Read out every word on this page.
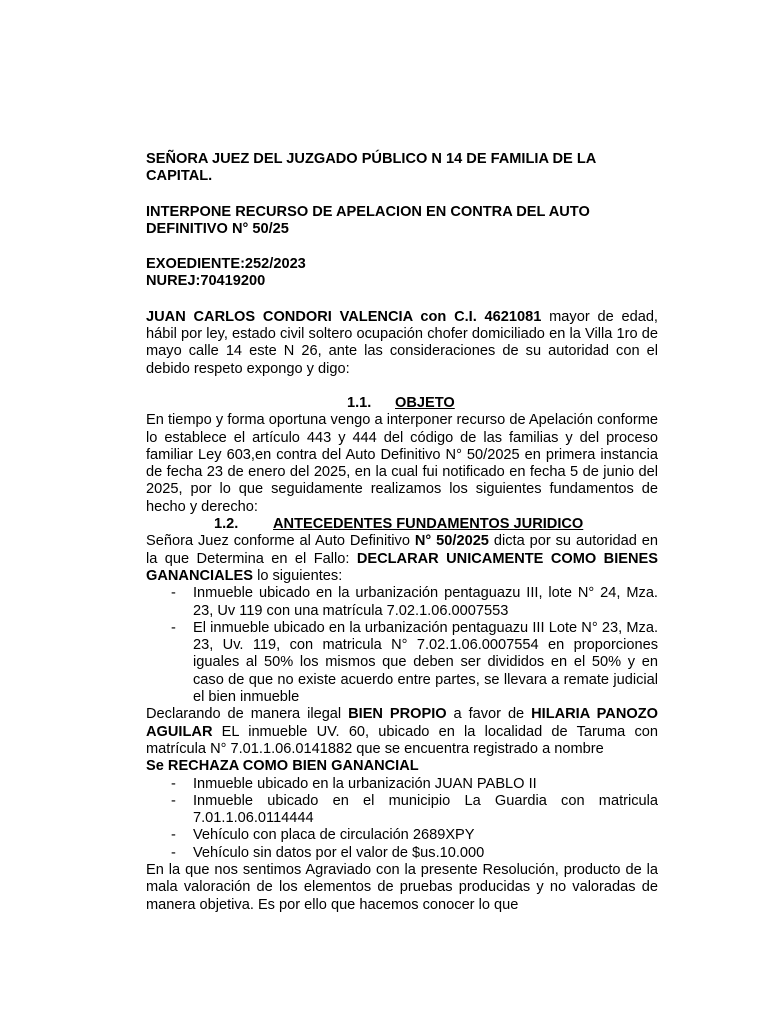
SEÑORA JUEZ DEL JUZGADO PÚBLICO N 14 DE FAMILIA DE LA CAPITAL.

INTERPONE RECURSO DE APELACION EN CONTRA DEL AUTO DEFINITIVO N° 50/25

EXOEDIENTE:252/2023

NUREJ:70419200

JUAN CARLOS CONDORI VALENCIA con C.I. 4621081 mayor de edad, hábil por ley, estado civil soltero ocupación chofer domiciliado en la Villa 1ro de mayo calle 14 este N 26, ante las consideraciones de su autoridad con el debido respeto expongo y digo:

1.1.	OBJETO

En tiempo y forma oportuna vengo a interponer recurso de Apelación conforme lo establece el artículo 443 y 444 del código de las familias y del proceso familiar Ley 603,en contra del Auto Definitivo N° 50/2025 en primera instancia de fecha 23 de enero del 2025, en la cual fui notificado en fecha 5 de junio del 2025, por lo que seguidamente realizamos los siguientes fundamentos de hecho y derecho:

1.2.	ANTECEDENTES FUNDAMENTOS JURIDICO

Señora Juez conforme al Auto Definitivo N° 50/2025 dicta por su autoridad en la que Determina en el Fallo: DECLARAR UNICAMENTE COMO BIENES GANANCIALES lo siguientes:

- Inmueble ubicado en la urbanización pentaguazu III, lote N° 24, Mza. 23, Uv 119 con una matrícula 7.02.1.06.0007553
- El inmueble ubicado en la urbanización pentaguazu III Lote N° 23, Mza. 23, Uv. 119, con matricula N° 7.02.1.06.0007554 en proporciones iguales al 50% los mismos que deben ser divididos en el 50% y en caso de que no existe acuerdo entre partes, se llevara a remate judicial el bien inmueble

Declarando de manera ilegal BIEN PROPIO a favor de HILARIA PANOZO AGUILAR EL inmueble UV. 60, ubicado en la localidad de Taruma con matrícula N° 7.01.1.06.0141882 que se encuentra registrado a nombre

Se RECHAZA COMO BIEN GANANCIAL

- Inmueble ubicado en la urbanización JUAN PABLO II
- Inmueble ubicado en el municipio La Guardia con matricula 7.01.1.06.0114444
- Vehículo con placa de circulación 2689XPY
- Vehículo sin datos por el valor de $us.10.000

En la que nos sentimos Agraviado con la presente Resolución, producto de la mala valoración de los elementos de pruebas producidas y no valoradas de manera objetiva. Es por ello que hacemos conocer lo que
